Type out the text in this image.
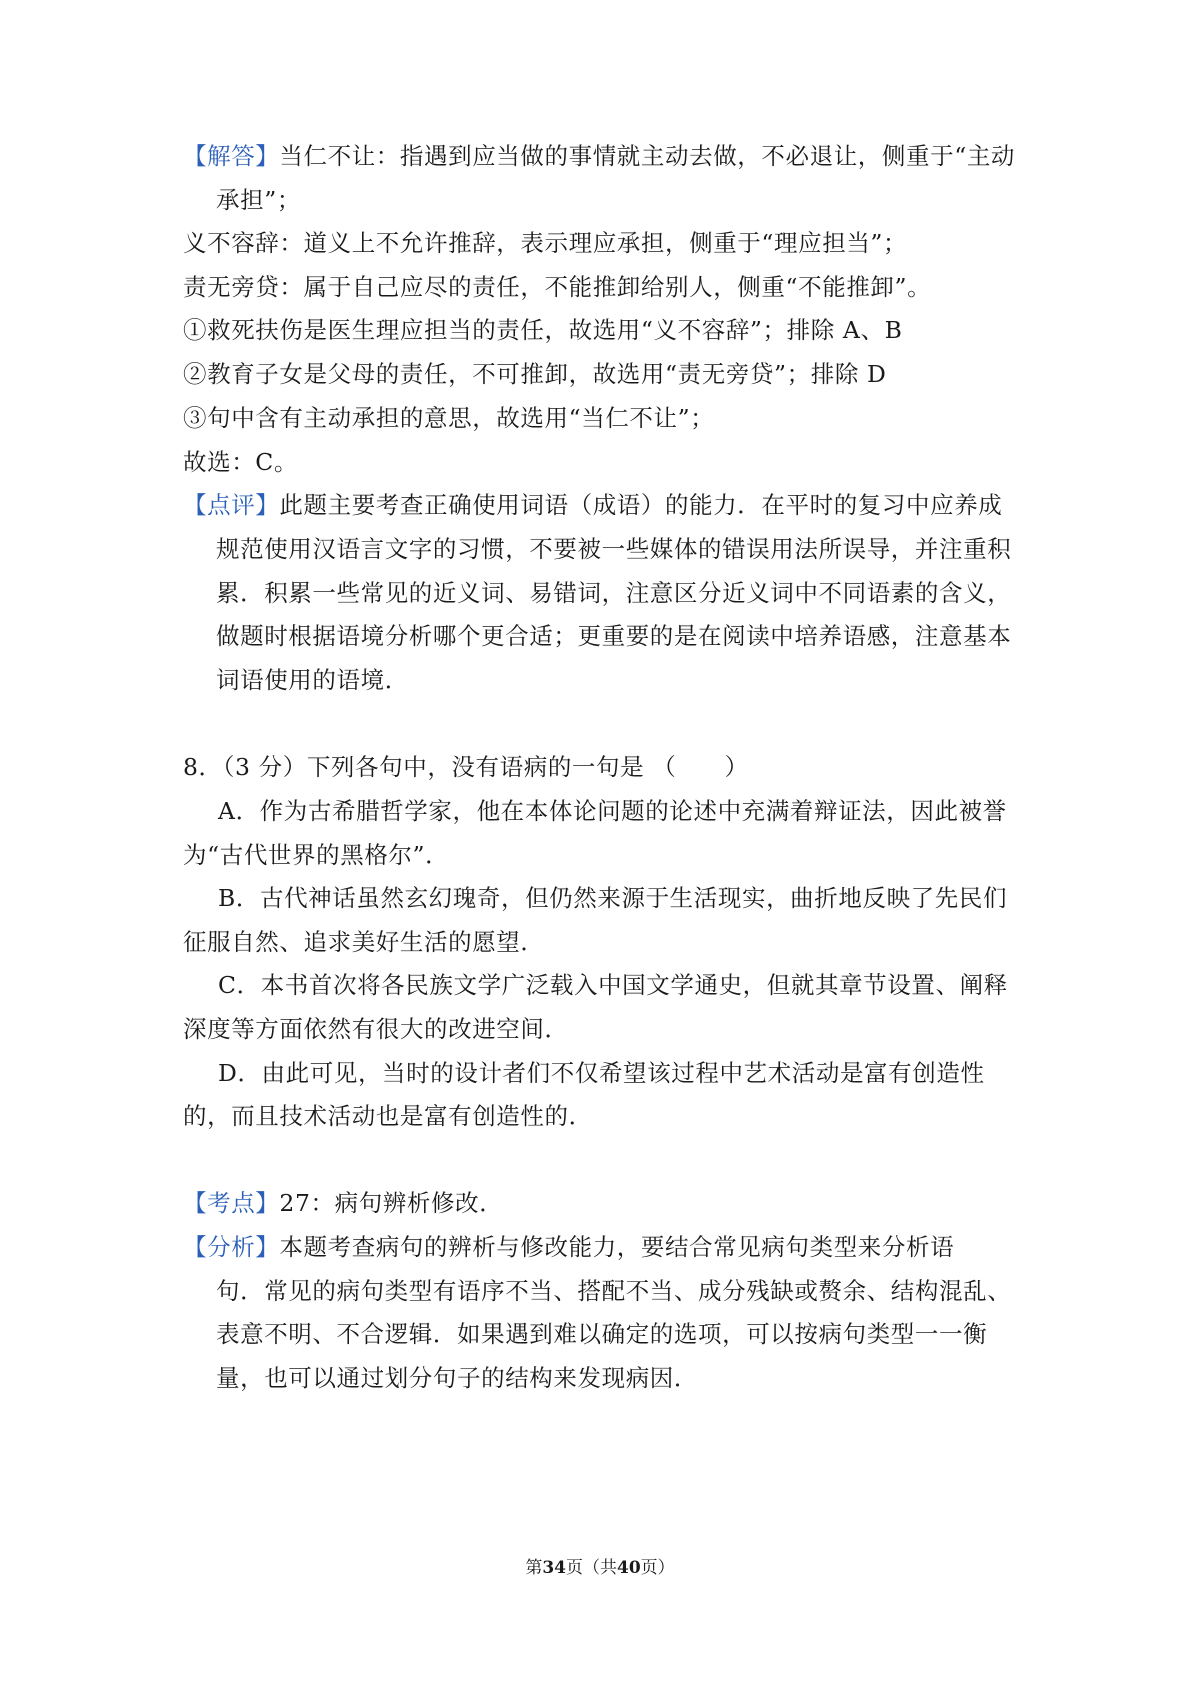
【解答】当仁不让：指遇到应当做的事情就主动去做，不必退让，侧重于“主动
承担”；
义不容辞：道义上不允许推辞，表示理应承担，侧重于“理应担当”；
责无旁贷：属于自己应尽的责任，不能推卸给别人，侧重“不能推卸”。
①救死扶伤是医生理应担当的责任，故选用“义不容辞”；排除 A、B
②教育子女是父母的责任，不可推卸，故选用“责无旁贷”；排除 D
③句中含有主动承担的意思，故选用“当仁不让”；
故选：C。
【点评】此题主要考查正确使用词语（成语）的能力．在平时的复习中应养成
规范使用汉语言文字的习惯，不要被一些媒体的错误用法所误导，并注重积
累．积累一些常见的近义词、易错词，注意区分近义词中不同语素的含义，
做题时根据语境分析哪个更合适；更重要的是在阅读中培养语感，注意基本
词语使用的语境．
8．（3 分）下列各句中，没有语病的一句是 （　　）
A．作为古希腊哲学家，他在本体论问题的论述中充满着辩证法，因此被誉
为“古代世界的黑格尔”．
B．古代神话虽然玄幻瑰奇，但仍然来源于生活现实，曲折地反映了先民们
征服自然、追求美好生活的愿望．
C．本书首次将各民族文学广泛载入中国文学通史，但就其章节设置、阐释
深度等方面依然有很大的改进空间．
D．由此可见，当时的设计者们不仅希望该过程中艺术活动是富有创造性
的，而且技术活动也是富有创造性的．
【考点】27：病句辨析修改．
【分析】本题考查病句的辨析与修改能力，要结合常见病句类型来分析语
句．常见的病句类型有语序不当、搭配不当、成分残缺或赘余、结构混乱、
表意不明、不合逻辑．如果遇到难以确定的选项，可以按病句类型一一衡
量，也可以通过划分句子的结构来发现病因．
第34页（共40页）
